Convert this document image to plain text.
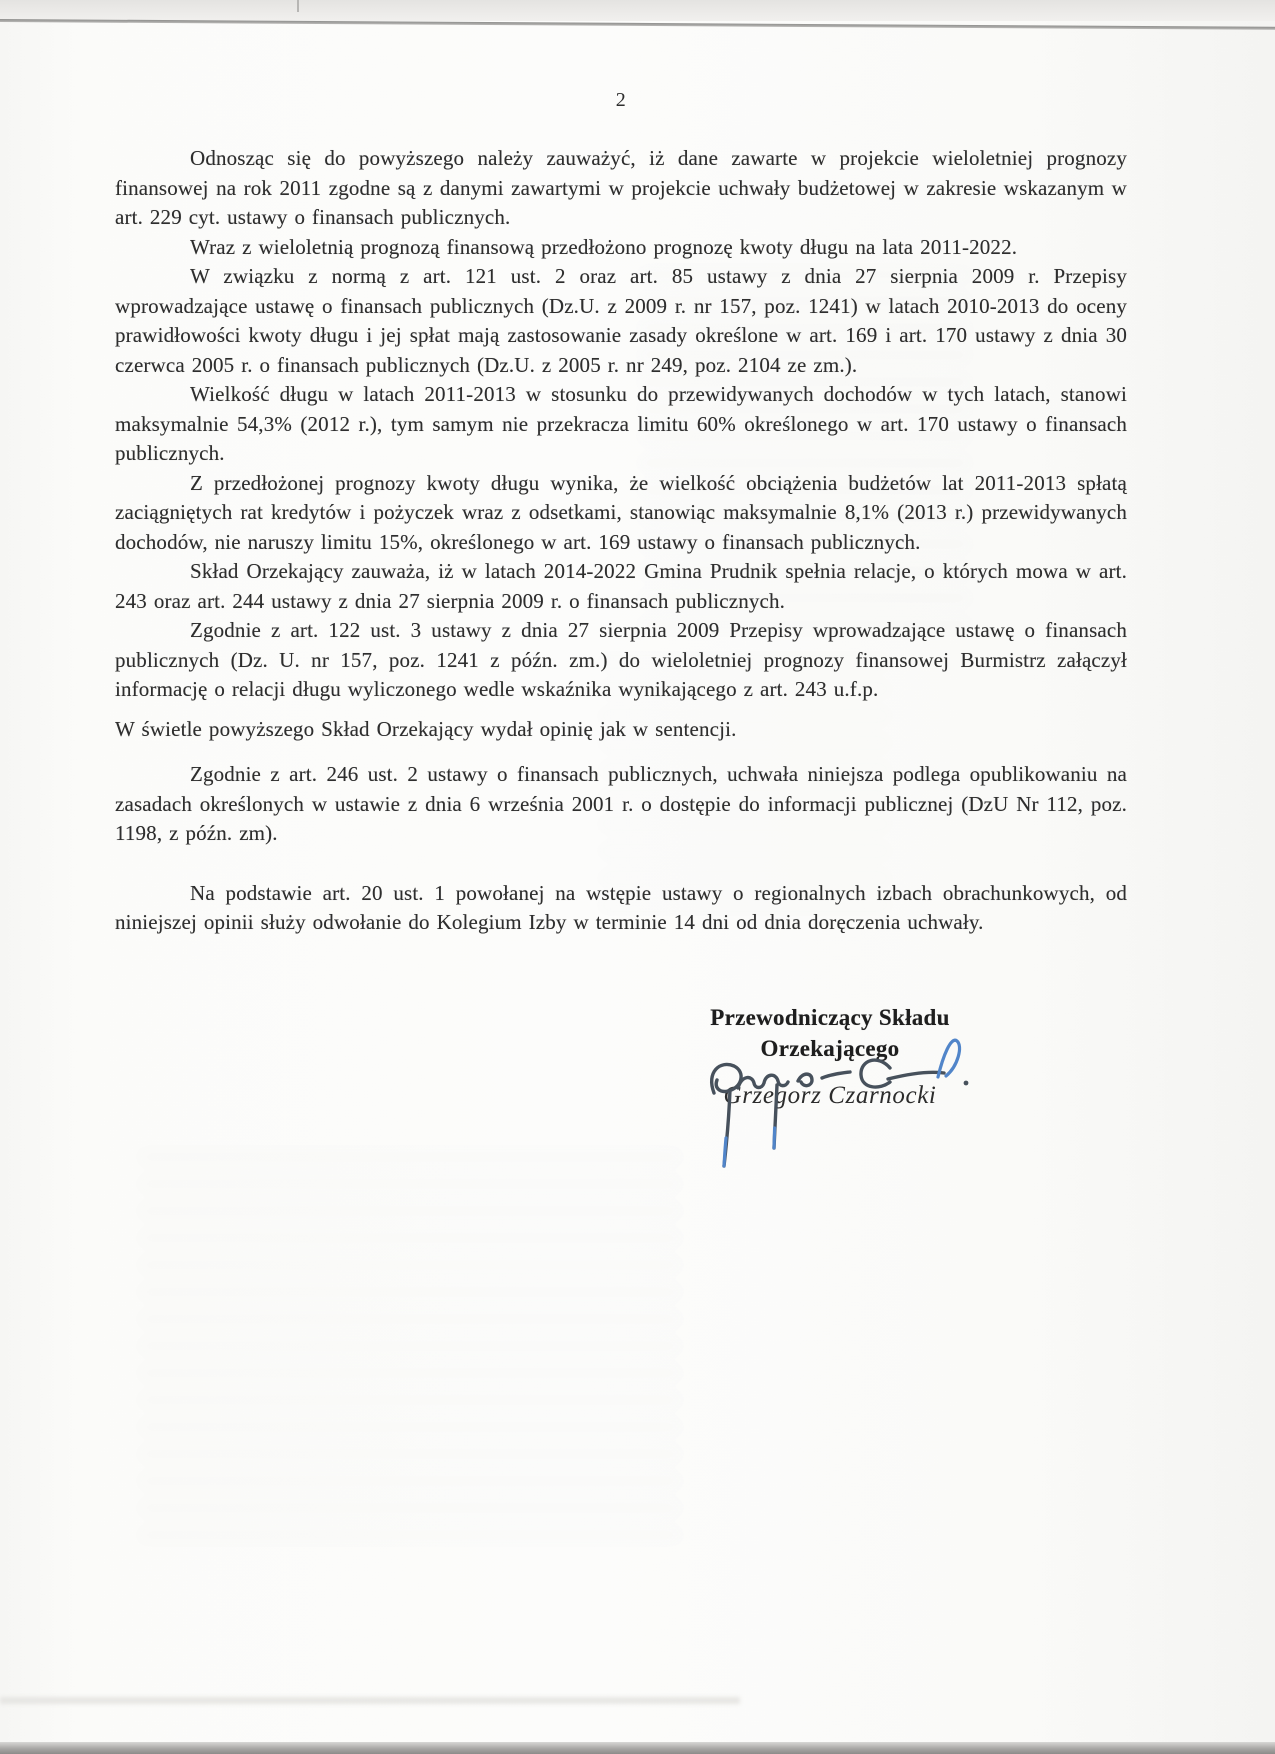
2

Odnosząc się do powyższego należy zauważyć, iż dane zawarte w projekcie wieloletniej prognozy finansowej na rok 2011 zgodne są z danymi zawartymi w projekcie uchwały budżetowej w zakresie wskazanym w art. 229 cyt. ustawy o finansach publicznych.

Wraz z wieloletnią prognozą finansową przedłożono prognozę kwoty długu na lata 2011-2022.

W związku z normą z art. 121 ust. 2 oraz art. 85 ustawy z dnia 27 sierpnia 2009 r. Przepisy wprowadzające ustawę o finansach publicznych (Dz.U. z 2009 r. nr 157, poz. 1241) w latach 2010-2013 do oceny prawidłowości kwoty długu i jej spłat mają zastosowanie zasady określone w art. 169 i art. 170 ustawy z dnia 30 czerwca 2005 r. o finansach publicznych (Dz.U. z 2005 r. nr 249, poz. 2104 ze zm.).

Wielkość długu w latach 2011-2013 w stosunku do przewidywanych dochodów w tych latach, stanowi maksymalnie 54,3% (2012 r.), tym samym nie przekracza limitu 60% określonego w art. 170 ustawy o finansach publicznych.

Z przedłożonej prognozy kwoty długu wynika, że wielkość obciążenia budżetów lat 2011-2013 spłatą zaciągniętych rat kredytów i pożyczek wraz z odsetkami, stanowiąc maksymalnie 8,1% (2013 r.) przewidywanych dochodów, nie naruszy limitu 15%, określonego w art. 169 ustawy o finansach publicznych.

Skład Orzekający zauważa, iż w latach 2014-2022 Gmina Prudnik spełnia relacje, o których mowa w art. 243 oraz art. 244 ustawy z dnia 27 sierpnia 2009 r. o finansach publicznych.

Zgodnie z art. 122 ust. 3 ustawy z dnia 27 sierpnia 2009 Przepisy wprowadzające ustawę o finansach publicznych (Dz. U. nr 157, poz. 1241 z późn. zm.) do wieloletniej prognozy finansowej Burmistrz załączył informację o relacji długu wyliczonego wedle wskaźnika wynikającego z art. 243 u.f.p.

W świetle powyższego Skład Orzekający wydał opinię jak w sentencji.

Zgodnie z art. 246 ust. 2 ustawy o finansach publicznych, uchwała niniejsza podlega opublikowaniu na zasadach określonych w ustawie z dnia 6 września 2001 r. o dostępie do informacji publicznej (DzU Nr 112, poz. 1198, z późn. zm).

Na podstawie art. 20 ust. 1 powołanej na wstępie ustawy o regionalnych izbach obrachunkowych, od niniejszej opinii służy odwołanie do Kolegium Izby w terminie 14 dni od dnia doręczenia uchwały.

Przewodniczący Składu
Orzekającego
Grzegorz Czarnocki
